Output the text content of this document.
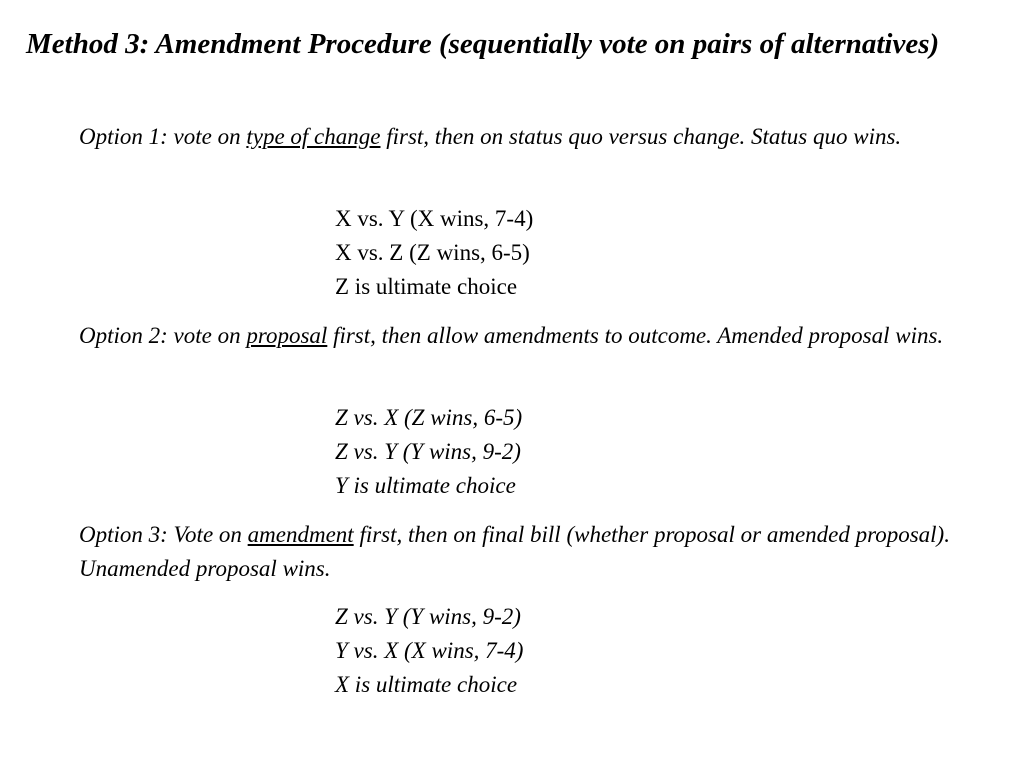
Method 3: Amendment Procedure (sequentially vote on pairs of alternatives)

Option 1: vote on type of change first, then on status quo versus change. Status quo wins.

X vs. Y (X wins, 7-4)
X vs. Z (Z wins, 6-5)
Z is ultimate choice

Option 2: vote on proposal first, then allow amendments to outcome. Amended proposal wins.

Z vs. X (Z wins, 6-5)
Z vs. Y (Y wins, 9-2)
Y is ultimate choice

Option 3: Vote on amendment first, then on final bill (whether proposal or amended proposal). Unamended proposal wins.

Z vs. Y (Y wins, 9-2)
Y vs. X (X wins, 7-4)
X is ultimate choice
